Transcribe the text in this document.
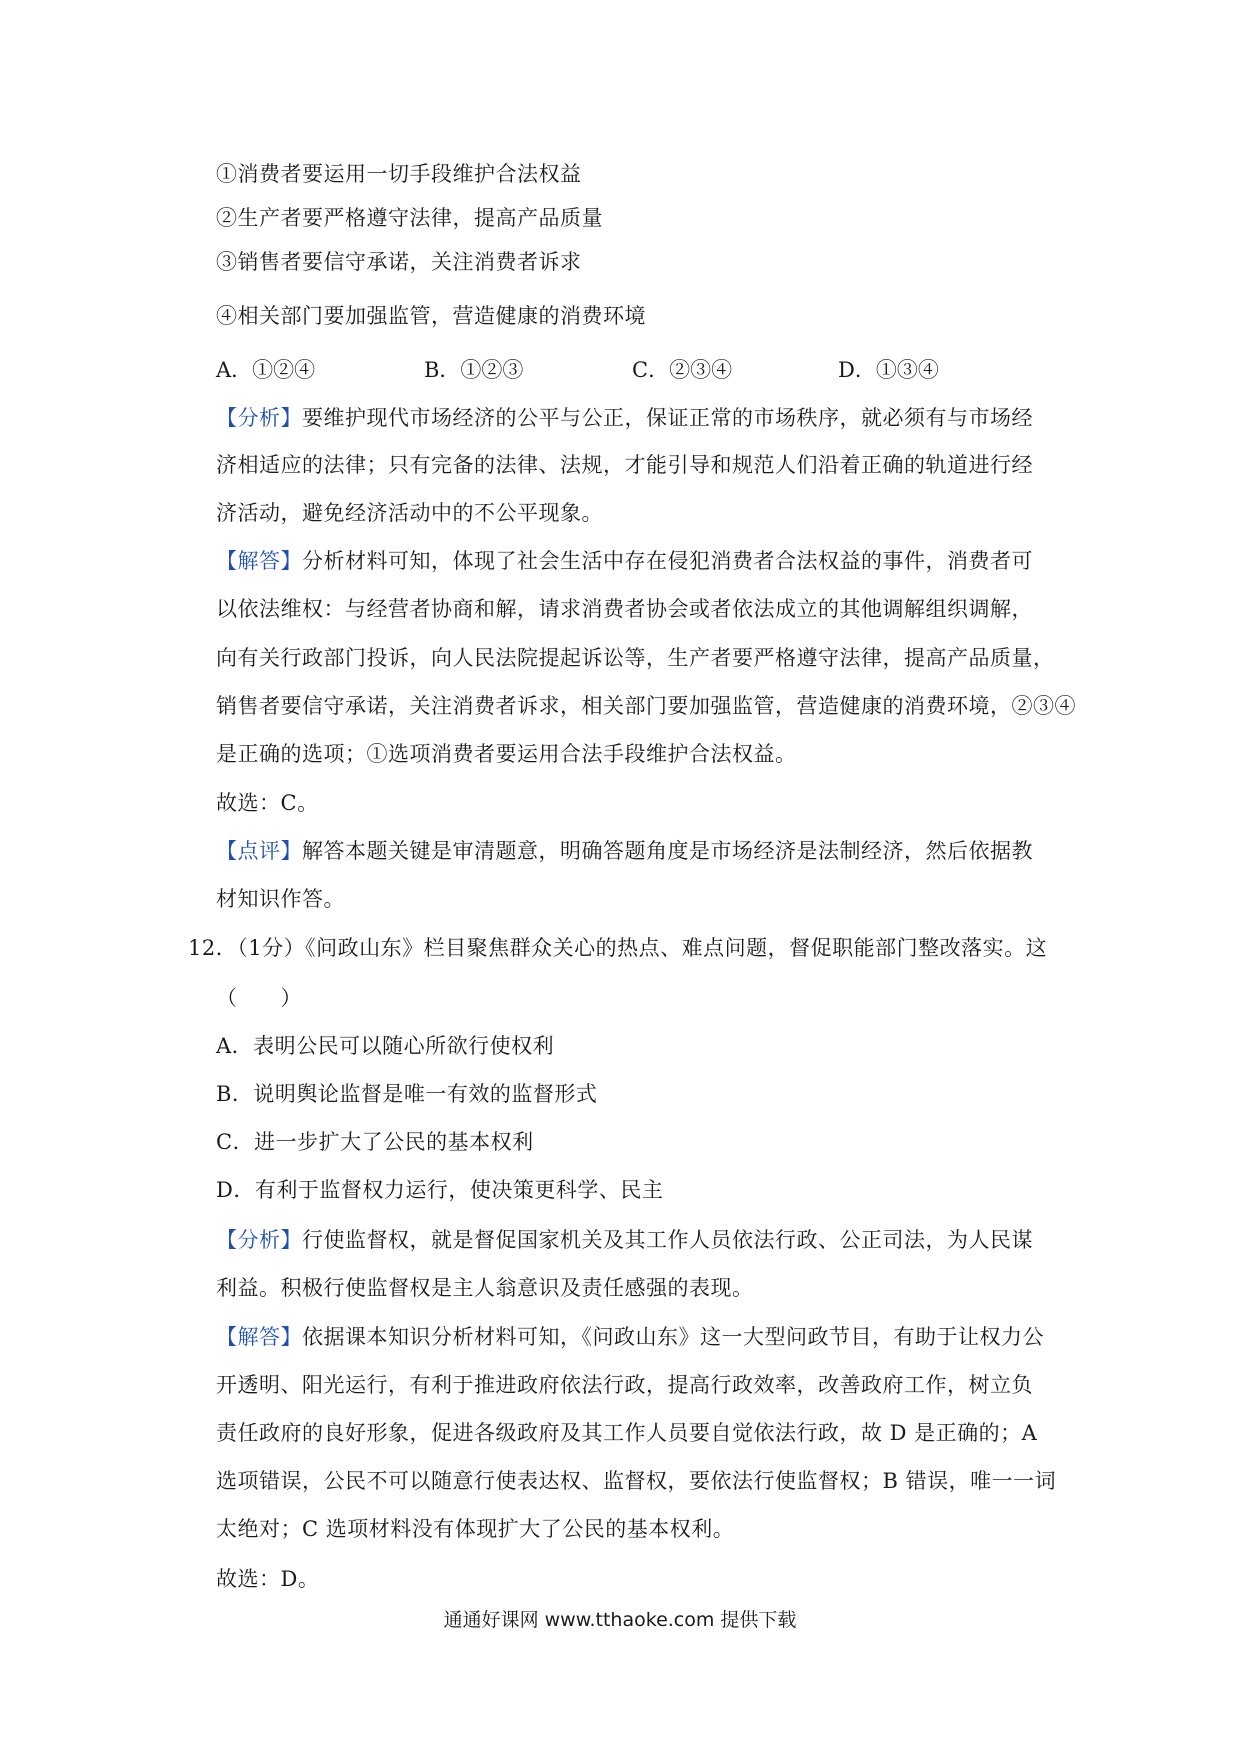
①消费者要运用一切手段维护合法权益
②生产者要严格遵守法律，提高产品质量
③销售者要信守承诺，关注消费者诉求
④相关部门要加强监管，营造健康的消费环境
A．①②④	B．①②③	C．②③④	D．①③④
【分析】要维护现代市场经济的公平与公正，保证正常的市场秩序，就必须有与市场经
济相适应的法律；只有完备的法律、法规，才能引导和规范人们沿着正确的轨道进行经
济活动，避免经济活动中的不公平现象。
【解答】分析材料可知，体现了社会生活中存在侵犯消费者合法权益的事件，消费者可
以依法维权：与经营者协商和解，请求消费者协会或者依法成立的其他调解组织调解，
向有关行政部门投诉，向人民法院提起诉讼等，生产者要严格遵守法律，提高产品质量，
销售者要信守承诺，关注消费者诉求，相关部门要加强监管，营造健康的消费环境，②③④
是正确的选项；①选项消费者要运用合法手段维护合法权益。
故选：C。
【点评】解答本题关键是审清题意，明确答题角度是市场经济是法制经济，然后依据教
材知识作答。
12．（1分）《问政山东》栏目聚焦群众关心的热点、难点问题，督促职能部门整改落实。这
（　　）
A．表明公民可以随心所欲行使权利
B．说明舆论监督是唯一有效的监督形式
C．进一步扩大了公民的基本权利
D．有利于监督权力运行，使决策更科学、民主
【分析】行使监督权，就是督促国家机关及其工作人员依法行政、公正司法，为人民谋
利益。积极行使监督权是主人翁意识及责任感强的表现。
【解答】依据课本知识分析材料可知，《问政山东》这一大型问政节目，有助于让权力公
开透明、阳光运行，有利于推进政府依法行政，提高行政效率，改善政府工作，树立负
责任政府的良好形象，促进各级政府及其工作人员要自觉依法行政，故 D 是正确的；A
选项错误，公民不可以随意行使表达权、监督权，要依法行使监督权；B 错误，唯一一词
太绝对；C 选项材料没有体现扩大了公民的基本权利。
故选：D。
通通好课网 www.tthaoke.com 提供下载
